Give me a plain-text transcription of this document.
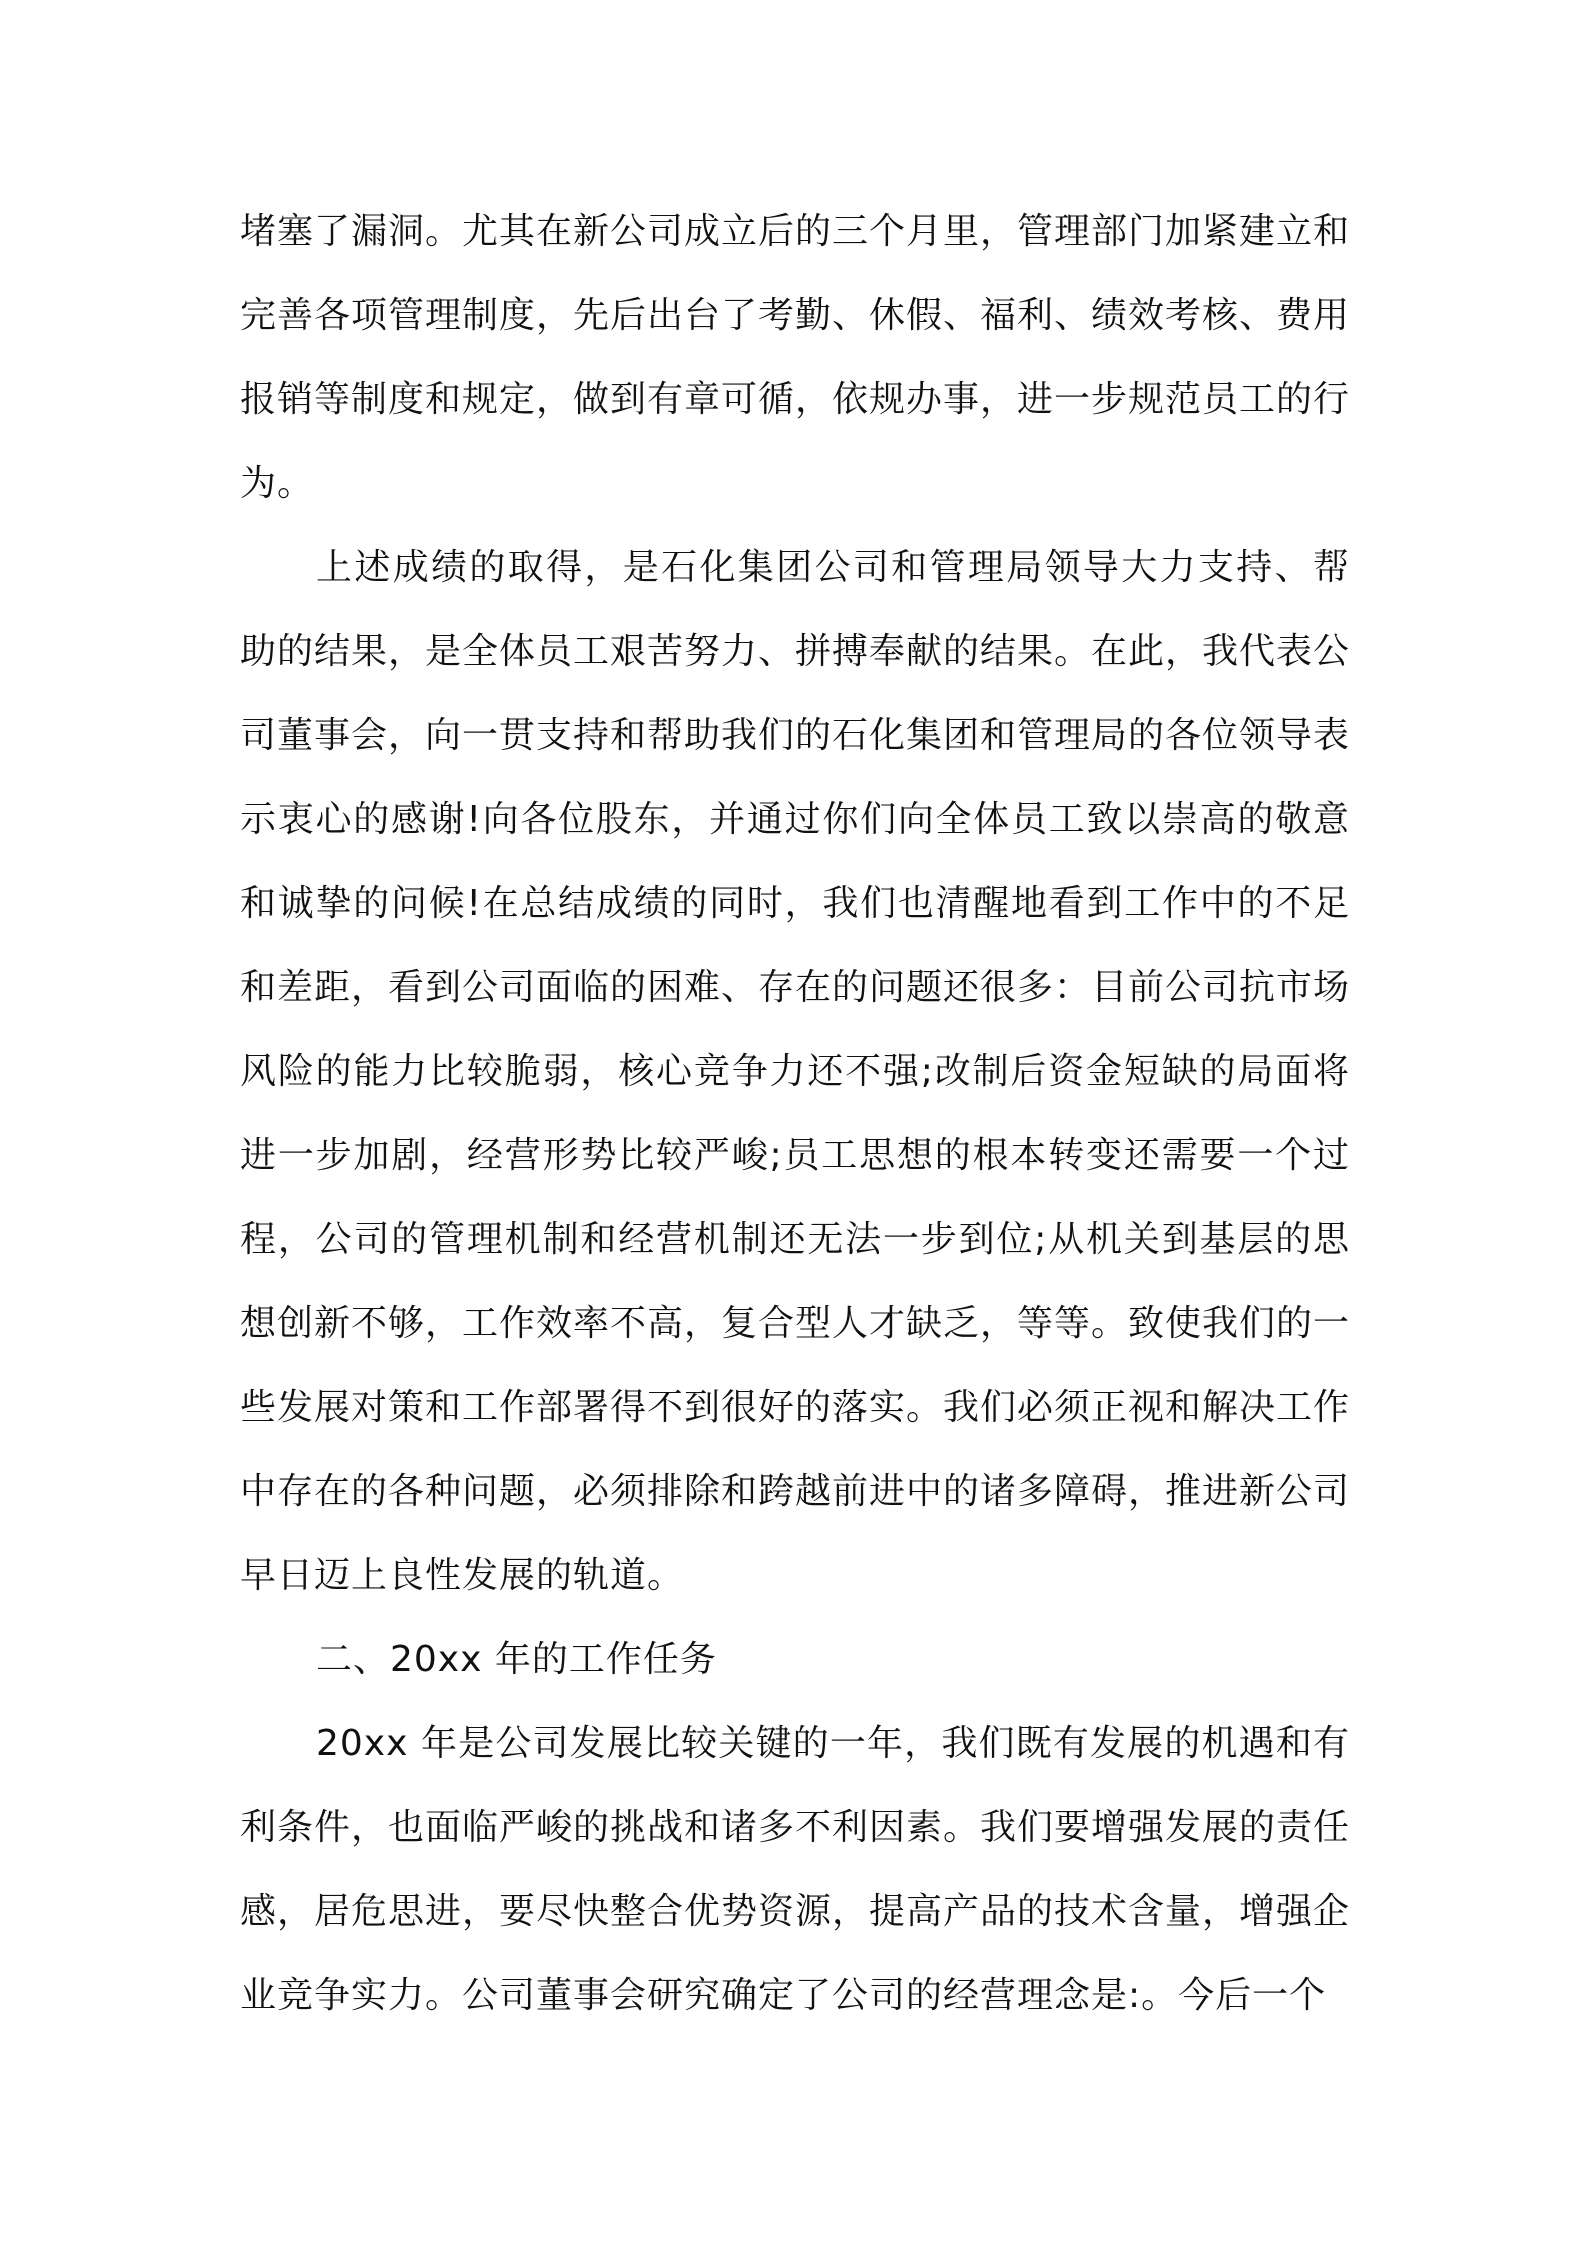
堵塞了漏洞。尤其在新公司成立后的三个月里，管理部门加紧建立和完善各项管理制度，先后出台了考勤、休假、福利、绩效考核、费用报销等制度和规定，做到有章可循，依规办事，进一步规范员工的行为。

上述成绩的取得，是石化集团公司和管理局领导大力支持、帮助的结果，是全体员工艰苦努力、拼搏奉献的结果。在此，我代表公司董事会，向一贯支持和帮助我们的石化集团和管理局的各位领导表示衷心的感谢!向各位股东，并通过你们向全体员工致以崇高的敬意和诚挚的问候!在总结成绩的同时，我们也清醒地看到工作中的不足和差距，看到公司面临的困难、存在的问题还很多：目前公司抗市场风险的能力比较脆弱，核心竞争力还不强;改制后资金短缺的局面将进一步加剧，经营形势比较严峻;员工思想的根本转变还需要一个过程，公司的管理机制和经营机制还无法一步到位;从机关到基层的思想创新不够，工作效率不高，复合型人才缺乏，等等。致使我们的一些发展对策和工作部署得不到很好的落实。我们必须正视和解决工作中存在的各种问题，必须排除和跨越前进中的诸多障碍，推进新公司早日迈上良性发展的轨道。

二、20xx 年的工作任务

20xx 年是公司发展比较关键的一年，我们既有发展的机遇和有利条件，也面临严峻的挑战和诸多不利因素。我们要增强发展的责任感，居危思进，要尽快整合优势资源，提高产品的技术含量，增强企业竞争实力。公司董事会研究确定了公司的经营理念是:。今后一个
